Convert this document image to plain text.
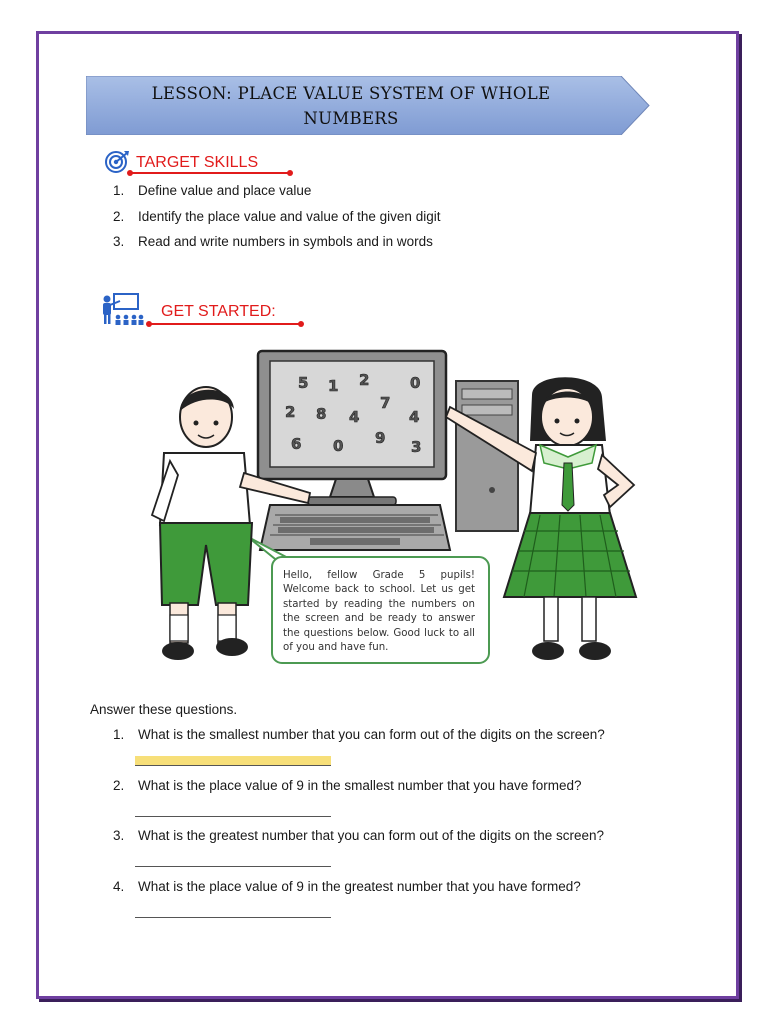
LESSON: PLACE VALUE SYSTEM OF WHOLE
NUMBERS
TARGET SKILLS
1. Define value and place value
2. Identify the place value and value of the given digit
3. Read and write numbers in symbols and in words
GET STARTED:
5 1 2	0
2 8 4
7
4
6 0 9 3
Hello, fellow Grade 5 pupils! Welcome back to school. Let us get started by reading the numbers on the screen and be ready to answer the questions below. Good luck to all of you and have fun.
Answer these questions.
1. What is the smallest number that you can form out of the digits on the screen?
2. What is the place value of 9 in the smallest number that you have formed?
3. What is the greatest number that you can form out of the digits on the screen?
4. What is the place value of 9 in the greatest number that you have formed?
